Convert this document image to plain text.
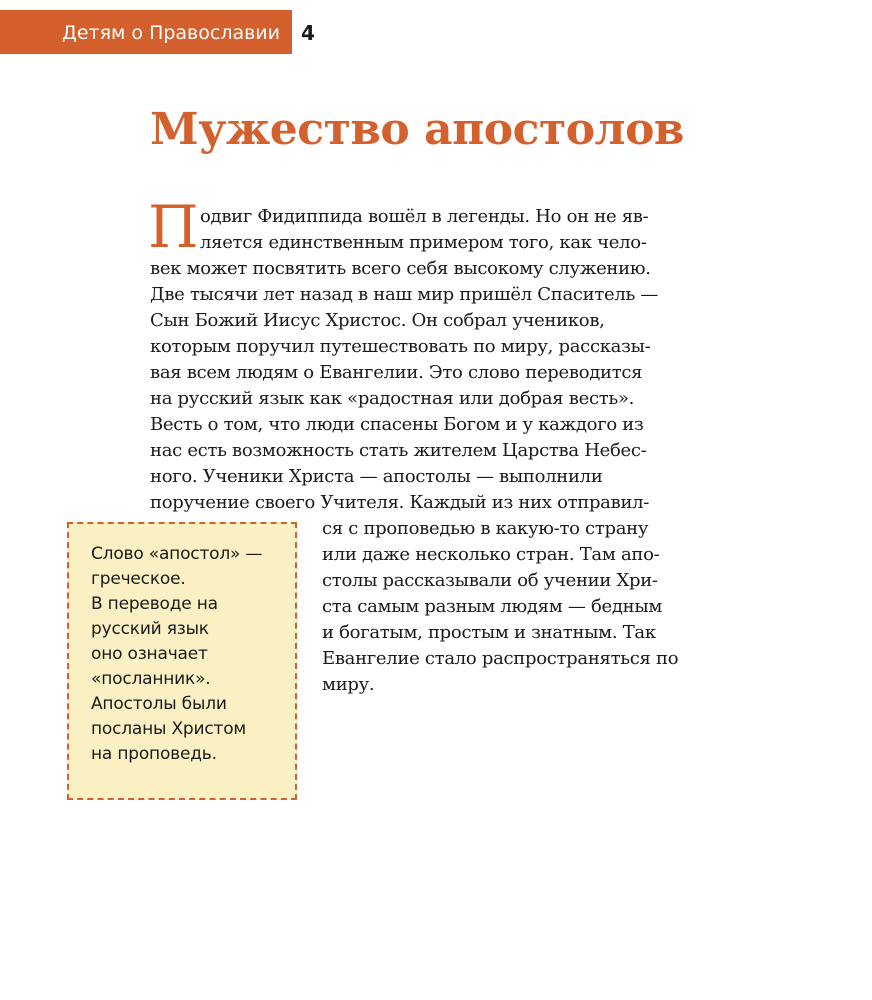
Детям о Православии 4
Мужество апостолов
П одвиг Фидиппида вошёл в легенды. Но он не яв-
ляется единственным примером того, как чело-
век может посвятить всего себя высокому служению.
Две тысячи лет назад в наш мир пришёл Спаситель —
Сын Божий Иисус Христос. Он собрал учеников,
которым поручил путешествовать по миру, рассказы-
вая всем людям о Евангелии. Это слово переводится
на русский язык как «радостная или добрая весть».
Весть о том, что люди спасены Богом и у каждого из
нас есть возможность стать жителем Царства Небес-
ного. Ученики Христа — апостолы — выполнили
поручение своего Учителя. Каждый из них отправил-
ся с проповедью в какую-то страну
или даже несколько стран. Там апо-
столы рассказывали об учении Хри-
ста самым разным людям — бедным
и богатым, простым и знатным. Так
Евангелие стало распространяться по
миру.
Слово «апостол» —
греческое.
В переводе на
русский язык
оно означает
«посланник».
Апостолы были
посланы Христом
на проповедь.
